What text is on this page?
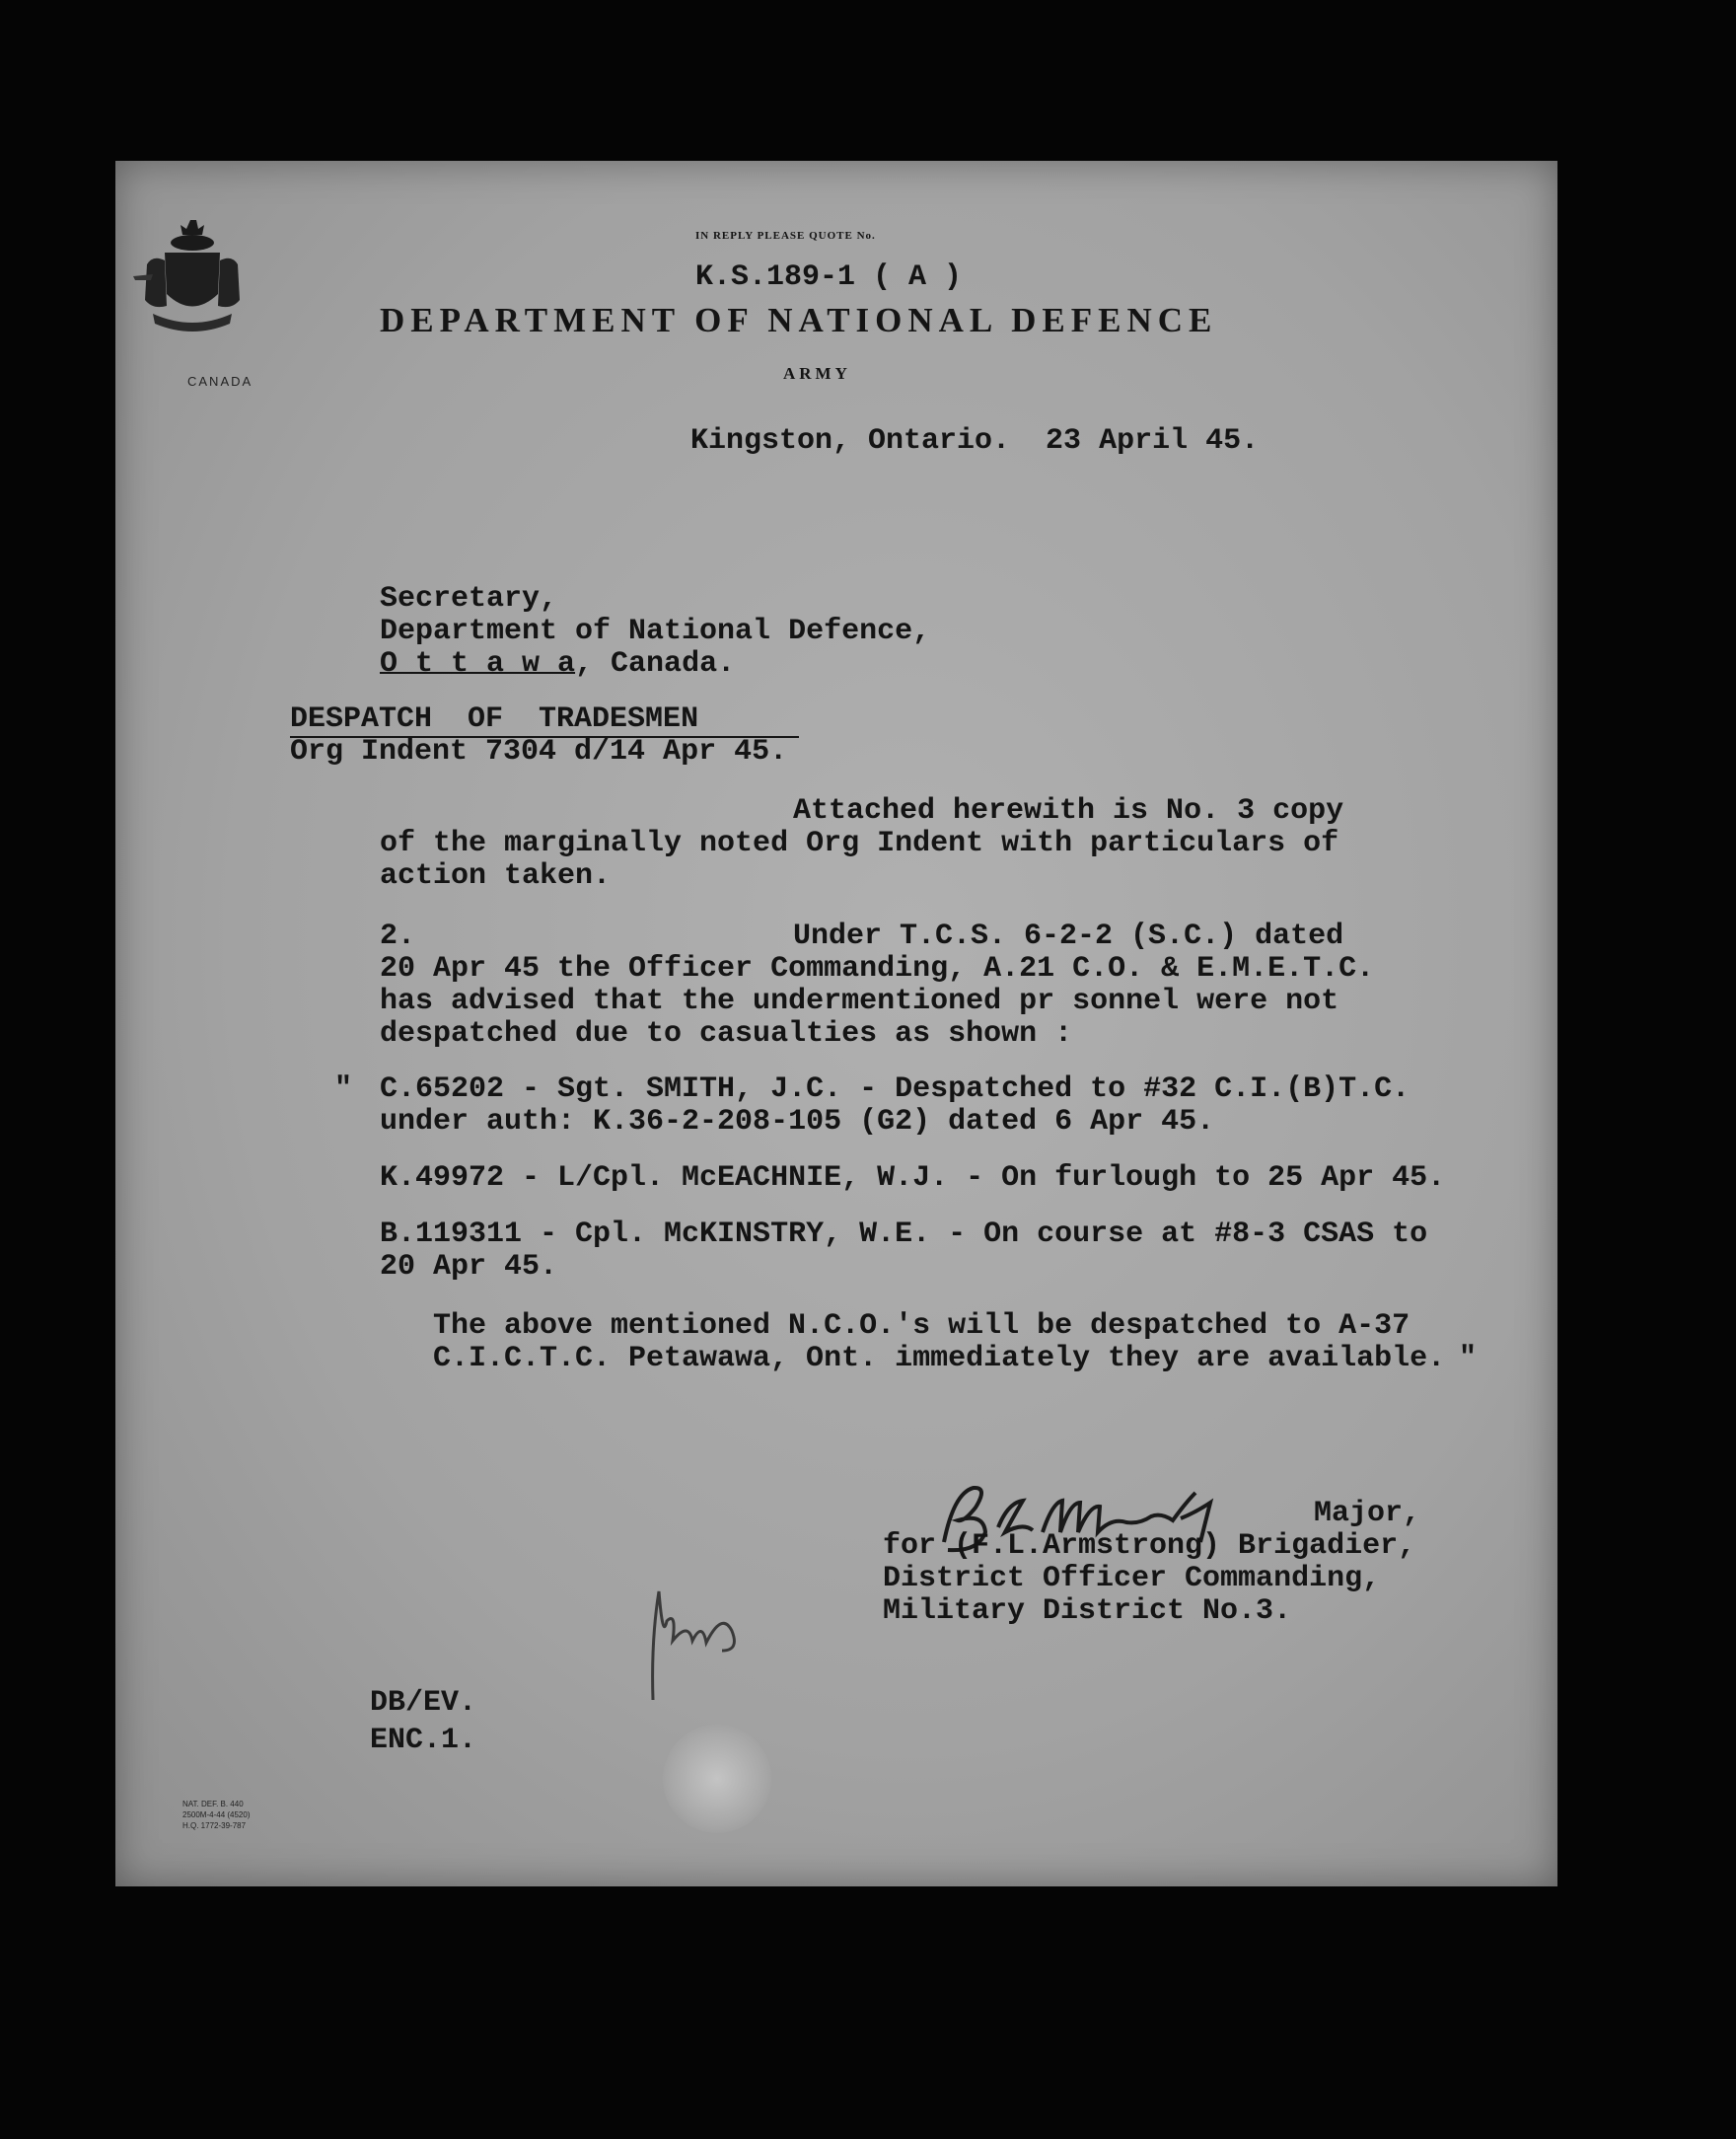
CANADA
IN REPLY PLEASE QUOTE No.
K.S.189-1 ( A )
DEPARTMENT OF NATIONAL DEFENCE
ARMY
Kingston, Ontario.  23 April 45.
Secretary,
Department of National Defence,
O t t a w a, Canada.
DESPATCH  OF  TRADESMEN
Org Indent 7304 d/14 Apr 45.
Attached herewith is No. 3 copy
of the marginally noted Org Indent with particulars of
action taken.
2.	Under T.C.S. 6-2-2 (S.C.) dated
20 Apr 45 the Officer Commanding, A.21 C.O. & E.M.E.T.C.
has advised that the undermentioned pr sonnel were not
despatched due to casualties as shown :
" C.65202 - Sgt. SMITH, J.C. - Despatched to #32 C.I.(B)T.C.
under auth: K.36-2-208-105 (G2) dated 6 Apr 45.
K.49972 - L/Cpl. McEACHNIE, W.J. - On furlough to 25 Apr 45.
B.119311 - Cpl. McKINSTRY, W.E. - On course at #8-3 CSAS to
20 Apr 45.
The above mentioned N.C.O.'s will be despatched to A-37
C.I.C.T.C. Petawawa, Ont. immediately they are available. "
Major,
for (F.L.Armstrong) Brigadier,
District Officer Commanding,
Military District No.3.
DB/EV.
ENC.1.
NAT. DEF. B. 440
2500M-4-44 (4520)
H.Q. 1772-39-787
